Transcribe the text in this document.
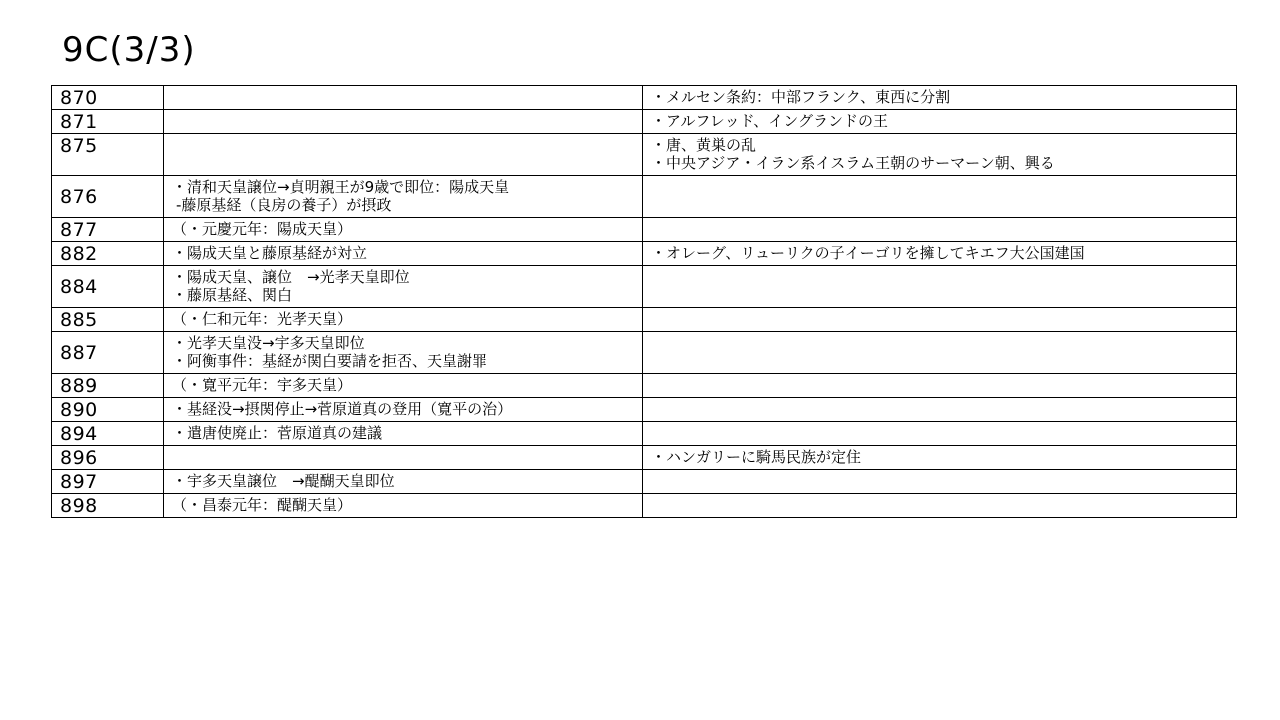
9C(3/3)
870		・メルセン条約：中部フランク、東西に分割

871		・アルフレッド、イングランドの王

875		・唐、黄巣の乱
・中央アジア・イラン系イスラム王朝のサーマーン朝、興る

876	・清和天皇譲位→貞明親王が9歳で即位：陽成天皇
-藤原基経（良房の養子）が摂政	

877	（・元慶元年：陽成天皇）	

882	・陽成天皇と藤原基経が対立	・オレーグ、リューリクの子イーゴリを擁してキエフ大公国建国

884	・陽成天皇、譲位　→光孝天皇即位
・藤原基経、関白	

885	（・仁和元年：光孝天皇）	

887	・光孝天皇没→宇多天皇即位
・阿衡事件：基経が関白要請を拒否、天皇謝罪	

889	（・寛平元年：宇多天皇）	

890	・基経没→摂関停止→菅原道真の登用（寛平の治）	

894	・遣唐使廃止：菅原道真の建議	

896		・ハンガリーに騎馬民族が定住

897	・宇多天皇譲位　→醍醐天皇即位	

898	（・昌泰元年：醍醐天皇）	
